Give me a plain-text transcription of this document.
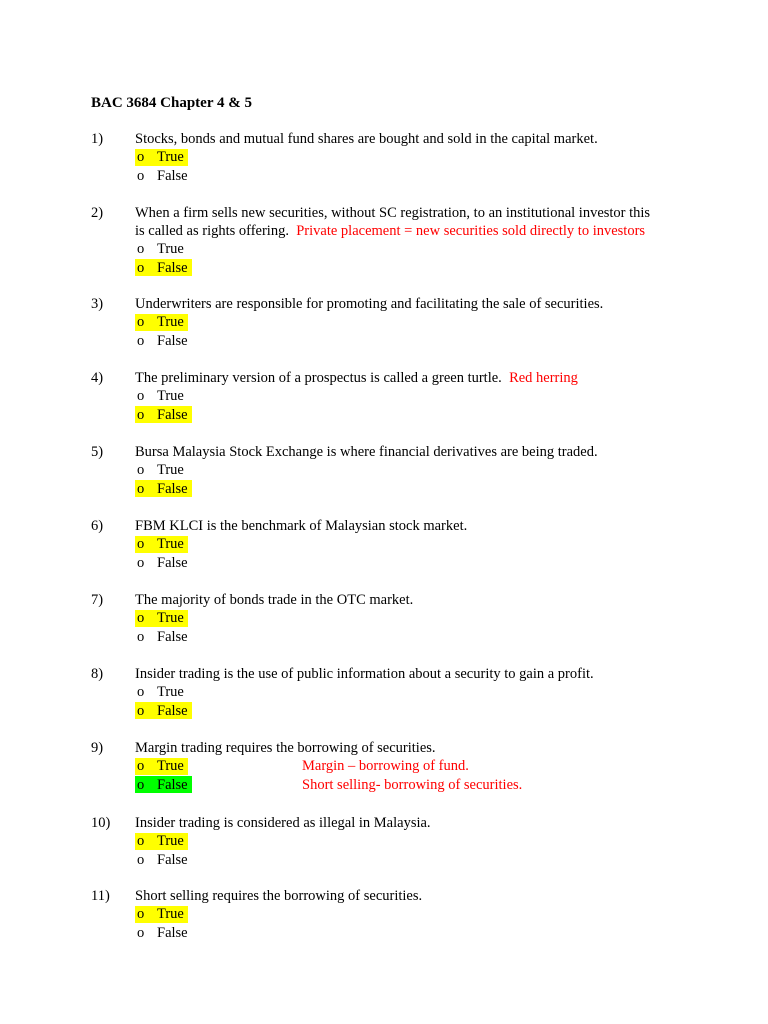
BAC 3684 Chapter 4 & 5
1)	Stocks, bonds and mutual fund shares are bought and sold in the capital market.
o True
o False
2)	When a firm sells new securities, without SC registration, to an institutional investor this
is called as rights offering. Private placement = new securities sold directly to investors
o True
o False
3)	Underwriters are responsible for promoting and facilitating the sale of securities.
o True
o False
4)	The preliminary version of a prospectus is called a green turtle. Red herring
o True
o False
5)	Bursa Malaysia Stock Exchange is where financial derivatives are being traded.
o True
o False
6)	FBM KLCI is the benchmark of Malaysian stock market.
o True
o False
7)	The majority of bonds trade in the OTC market.
o True
o False
8)	Insider trading is the use of public information about a security to gain a profit.
o True
o False
9)	Margin trading requires the borrowing of securities.
o True	Margin – borrowing of fund.
o False	Short selling- borrowing of securities.
10)	Insider trading is considered as illegal in Malaysia.
o True
o False
11)	Short selling requires the borrowing of securities.
o True
o False
